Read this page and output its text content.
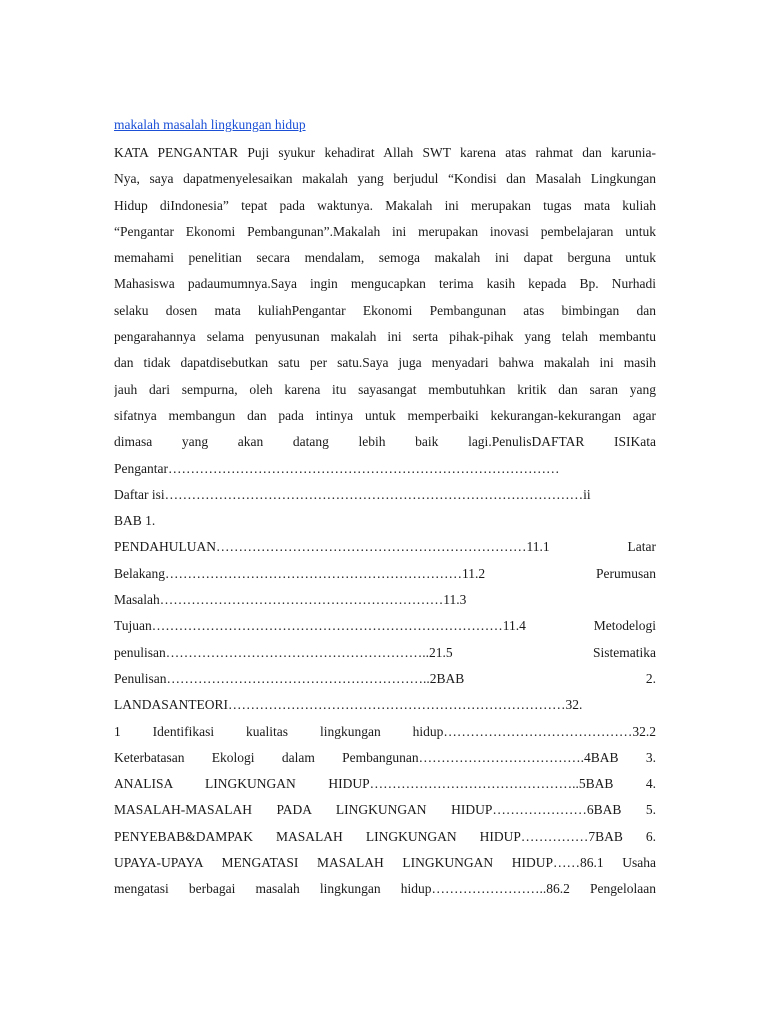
makalah masalah lingkungan hidup
KATA PENGANTAR Puji syukur kehadirat Allah SWT karena atas rahmat dan karunia-
Nya, saya dapatmenyelesaikan makalah yang berjudul “Kondisi dan Masalah Lingkungan
Hidup diIndonesia” tepat pada waktunya. Makalah ini merupakan tugas mata kuliah
“Pengantar Ekonomi Pembangunan”.Makalah ini merupakan inovasi pembelajaran untuk
memahami penelitian secara mendalam, semoga makalah ini dapat berguna untuk
Mahasiswa padaumumnya.Saya ingin mengucapkan terima kasih kepada Bp. Nurhadi
selaku dosen mata kuliahPengantar Ekonomi Pembangunan atas bimbingan dan
pengarahannya selama penyusunan makalah ini serta pihak-pihak yang telah membantu
dan tidak dapatdisebutkan satu per satu.Saya juga menyadari bahwa makalah ini masih
jauh dari sempurna, oleh karena itu sayasangat membutuhkan kritik dan saran yang
sifatnya membangun dan pada intinya untuk memperbaiki kekurangan-kekurangan agar
dimasa yang akan datang lebih baik lagi.PenulisDAFTAR ISIKata
Pengantar……………………………………………………………………………
Daftar isi…………………………………………………………………………………ii
BAB 1.
PENDAHULUAN……………………………………………………………11.1 Latar
Belakang…………………………………………………………11.2 Perumusan
Masalah………………………………………………………11.3
Tujuan……………………………………………………………………11.4 Metodelogi
penulisan…………………………………………………..21.5 Sistematika
Penulisan…………………………………………………..2BAB 2.
LANDASANTEORI…………………………………………………………………32.
1 Identifikasi kualitas lingkungan hidup……………………………………32.2
Keterbatasan Ekologi dalam Pembangunan……………………………….4BAB 3.
ANALISA LINGKUNGAN HIDUP………………………………………..5BAB 4.
MASALAH-MASALAH PADA LINGKUNGAN HIDUP…………………6BAB 5.
PENYEBAB&DAMPAK MASALAH LINGKUNGAN HIDUP……………7BAB 6.
UPAYA-UPAYA MENGATASI MASALAH LINGKUNGAN HIDUP……86.1 Usaha
mengatasi berbagai masalah lingkungan hidup……………………..86.2 Pengelolaan
